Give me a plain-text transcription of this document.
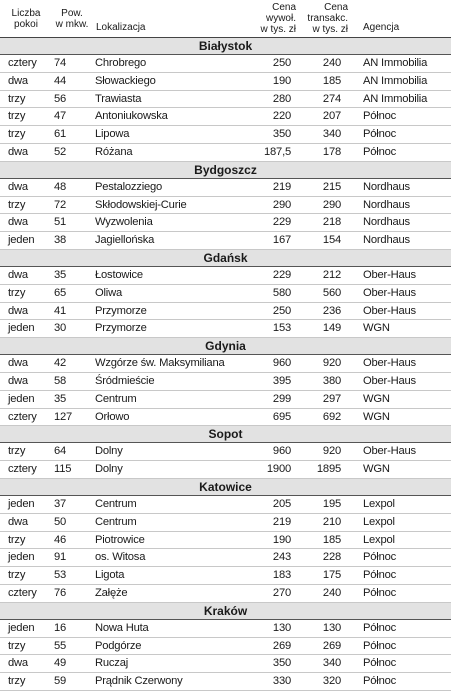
Liczba
pokoi	Pow.
w mkw.	Lokalizacja	Cena wywoł.
w tys. zł	Cena transakc.
w tys. zł	Agencja
Białystok					
cztery	74	Chrobrego	250	240	AN Immobilia
dwa	44	Słowackiego	190	185	AN Immobilia
trzy	56	Trawiasta	280	274	AN Immobilia
trzy	47	Antoniukowska	220	207	Północ
trzy	61	Lipowa	350	340	Północ
dwa	52	Różana	187,5	178	Północ
Bydgoszcz					
dwa	48	Pestalozziego	219	215	Nordhaus
trzy	72	Skłodowskiej-Curie	290	290	Nordhaus
dwa	51	Wyzwolenia	229	218	Nordhaus
jeden	38	Jagiellońska	167	154	Nordhaus
Gdańsk					
dwa	35	Łostowice	229	212	Ober-Haus
trzy	65	Oliwa	580	560	Ober-Haus
dwa	41	Przymorze	250	236	Ober-Haus
jeden	30	Przymorze	153	149	WGN
Gdynia					
dwa	42	Wzgórze św. Maksymiliana	960	920	Ober-Haus
dwa	58	Śródmieście	395	380	Ober-Haus
jeden	35	Centrum	299	297	WGN
cztery	127	Orłowo	695	692	WGN
Sopot					
trzy	64	Dolny	960	920	Ober-Haus
cztery	115	Dolny	1900	1895	WGN
Katowice					
jeden	37	Centrum	205	195	Lexpol
dwa	50	Centrum	219	210	Lexpol
trzy	46	Piotrowice	190	185	Lexpol
jeden	91	os. Witosa	243	228	Północ
trzy	53	Ligota	183	175	Północ
cztery	76	Załęże	270	240	Północ
Kraków					
jeden	16	Nowa Huta	130	130	Północ
trzy	55	Podgórze	269	269	Północ
dwa	49	Ruczaj	350	340	Północ
trzy	59	Prądnik Czerwony	330	320	Północ
